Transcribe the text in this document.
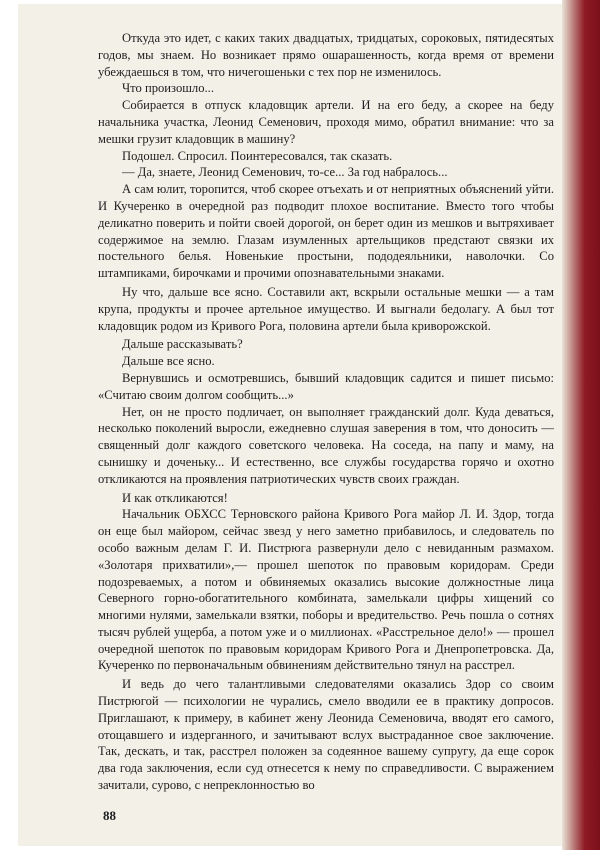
Откуда это идет, с каких таких двадцатых, тридцатых, сороковых, пятидесятых годов, мы знаем. Но возникает прямо ошарашенность, когда время от времени убеждаешься в том, что ничегошеньки с тех пор не изменилось.

Что произошло...

Собирается в отпуск кладовщик артели. И на его беду, а скорее на беду начальника участка, Леонид Семенович, проходя мимо, обратил внимание: что за мешки грузит кладовщик в машину?

Подошел. Спросил. Поинтересовался, так сказать.

— Да, знаете, Леонид Семенович, то-се... За год набралось...

А сам юлит, торопится, чтоб скорее отъехать и от неприятных объяснений уйти. И Кучеренко в очередной раз подводит плохое воспитание. Вместо того чтобы деликатно поверить и пойти своей дорогой, он берет один из мешков и вытряхивает содержимое на землю. Глазам изумленных артельщиков предстают связки их постельного белья. Новенькие простыни, пододеяльники, наволочки. Со штампиками, бирочками и прочими опознавательными знаками.

Ну что, дальше все ясно. Составили акт, вскрыли остальные мешки — а там крупа, продукты и прочее артельное имущество. И выгнали бедолагу. А был тот кладовщик родом из Кривого Рога, половина артели была криворожской.

Дальше рассказывать?

Дальше все ясно.

Вернувшись и осмотревшись, бывший кладовщик садится и пишет письмо: «Считаю своим долгом сообщить...»

Нет, он не просто подличает, он выполняет гражданский долг. Куда деваться, несколько поколений выросли, ежедневно слушая заверения в том, что доносить — священный долг каждого советского человека. На соседа, на папу и маму, на сынишку и доченьку... И естественно, все службы государства горячо и охотно откликаются на проявления патриотических чувств своих граждан.

И как откликаются!

Начальник ОБХСС Терновского района Кривого Рога майор Л. И. Здор, тогда он еще был майором, сейчас звезд у него заметно прибавилось, и следователь по особо важным делам Г. И. Пистрюга развернули дело с невиданным размахом. «Золотаря прихватили»,— прошел шепоток по правовым коридорам. Среди подозреваемых, а потом и обвиняемых оказались высокие должностные лица Северного горно-обогатительного комбината, замелькали цифры хищений со многими нулями, замелькали взятки, поборы и вредительство. Речь пошла о сотнях тысяч рублей ущерба, а потом уже и о миллионах. «Расстрельное дело!» — прошел очередной шепоток по правовым коридорам Кривого Рога и Днепропетровска. Да, Кучеренко по первоначальным обвинениям действительно тянул на расстрел.

И ведь до чего талантливыми следователями оказались Здор со своим Пистрюгой — психологии не чурались, смело вводили ее в практику допросов. Приглашают, к примеру, в кабинет жену Леонида Семеновича, вводят его самого, отощавшего и издерганного, и зачитывают вслух выстраданное свое заключение. Так, дескать, и так, расстрел положен за содеянное вашему супругу, да еще сорок два года заключения, если суд отнесется к нему по справедливости. С выражением зачитали, сурово, с непреклонностью во

88
